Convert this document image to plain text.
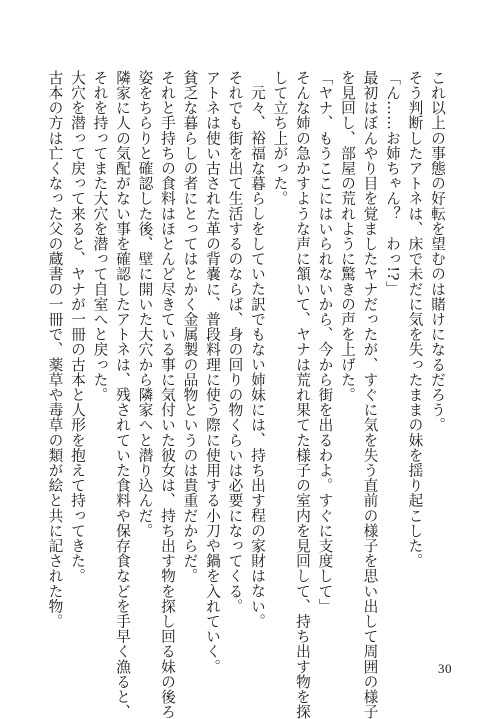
これ以上の事態の好転を望むのは賭けになるだろう。
そう判断したアトネは、床で未だに気を失ったままの妹を揺り起こした。
「ん……お姉ちゃん？　わっ!?」
最初はぼんやり目を覚ましたヤナだったが、すぐに気を失う直前の様子を思い出して周囲の様子
を見回し、部屋の荒れように驚きの声を上げた。
「ヤナ、もうここにはいられないから、今から街を出るわよ。すぐに支度して」
そんな姉の急かすような声に頷いて、ヤナは荒れ果てた様子の室内を見回して、持ち出す物を探
して立ち上がった。
元々、裕福な暮らしをしていた訳でもない姉妹には、持ち出す程の家財はない。
それでも街を出て生活するのならば、身の回りの物くらいは必要になってくる。
アトネは使い古された革の背嚢に、普段料理に使う際に使用する小刀や鍋を入れていく。
貧乏な暮らしの者にとってはとかく金属製の品物というのは貴重だからだ。
それと手持ちの食料はほとんど尽きている事に気付いた彼女は、持ち出す物を探し回る妹の後ろ
姿をちらりと確認した後、壁に開いた大穴から隣家へと潜り込んだ。
隣家に人の気配がない事を確認したアトネは、残されていた食料や保存食などを手早く漁ると、
それを持ってまた大穴を潜って自室へと戻った。
大穴を潜って戻って来ると、ヤナが一冊の古本と人形を抱えて持ってきた。
古本の方は亡くなった父の蔵書の一冊で、薬草や毒草の類が絵と共に記された物。
30
